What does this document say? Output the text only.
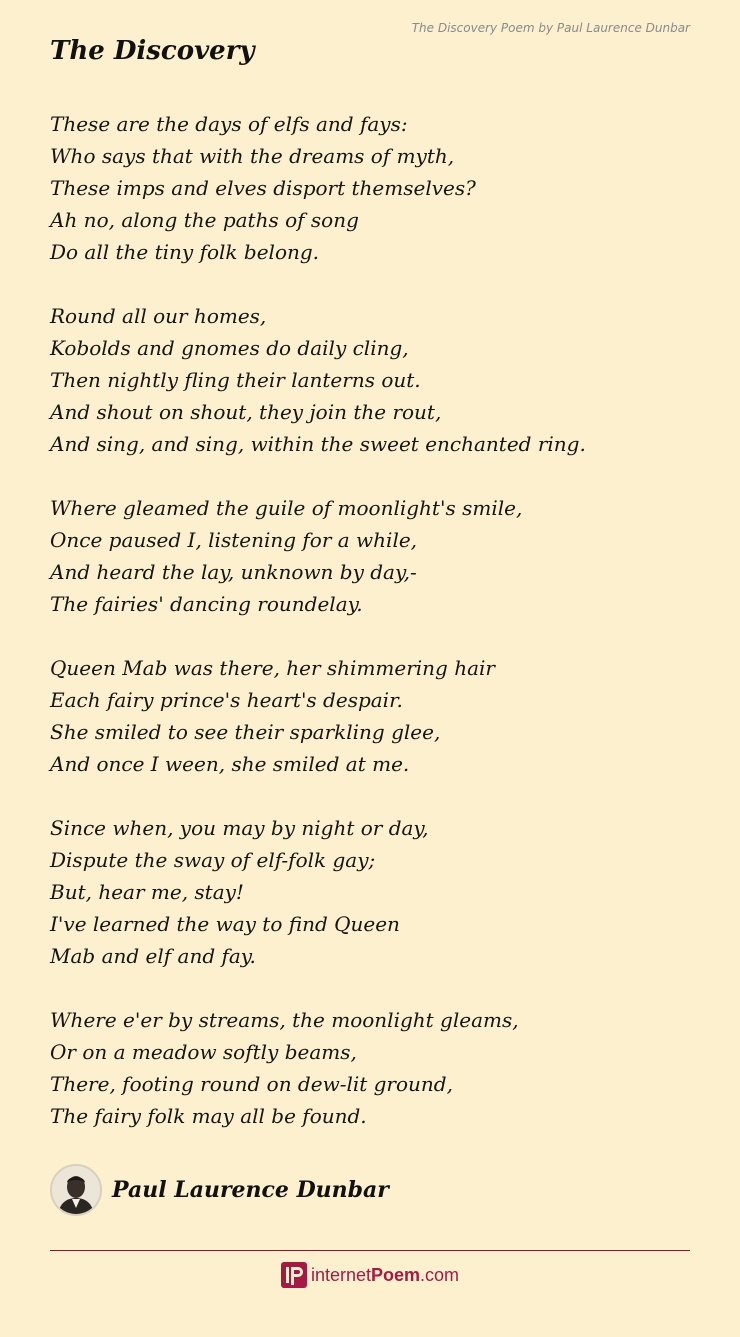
The Discovery Poem by Paul Laurence Dunbar
The Discovery
These are the days of elfs and fays:
Who says that with the dreams of myth,
These imps and elves disport themselves?
Ah no, along the paths of song
Do all the tiny folk belong.
Round all our homes,
Kobolds and gnomes do daily cling,
Then nightly fling their lanterns out.
And shout on shout, they join the rout,
And sing, and sing, within the sweet enchanted ring.
Where gleamed the guile of moonlight's smile,
Once paused I, listening for a while,
And heard the lay, unknown by day,-
The fairies' dancing roundelay.
Queen Mab was there, her shimmering hair
Each fairy prince's heart's despair.
She smiled to see their sparkling glee,
And once I ween, she smiled at me.
Since when, you may by night or day,
Dispute the sway of elf-folk gay;
But, hear me, stay!
I've learned the way to find Queen
Mab and elf and fay.
Where e'er by streams, the moonlight gleams,
Or on a meadow softly beams,
There, footing round on dew-lit ground,
The fairy folk may all be found.
Paul Laurence Dunbar
internetPoem.com
